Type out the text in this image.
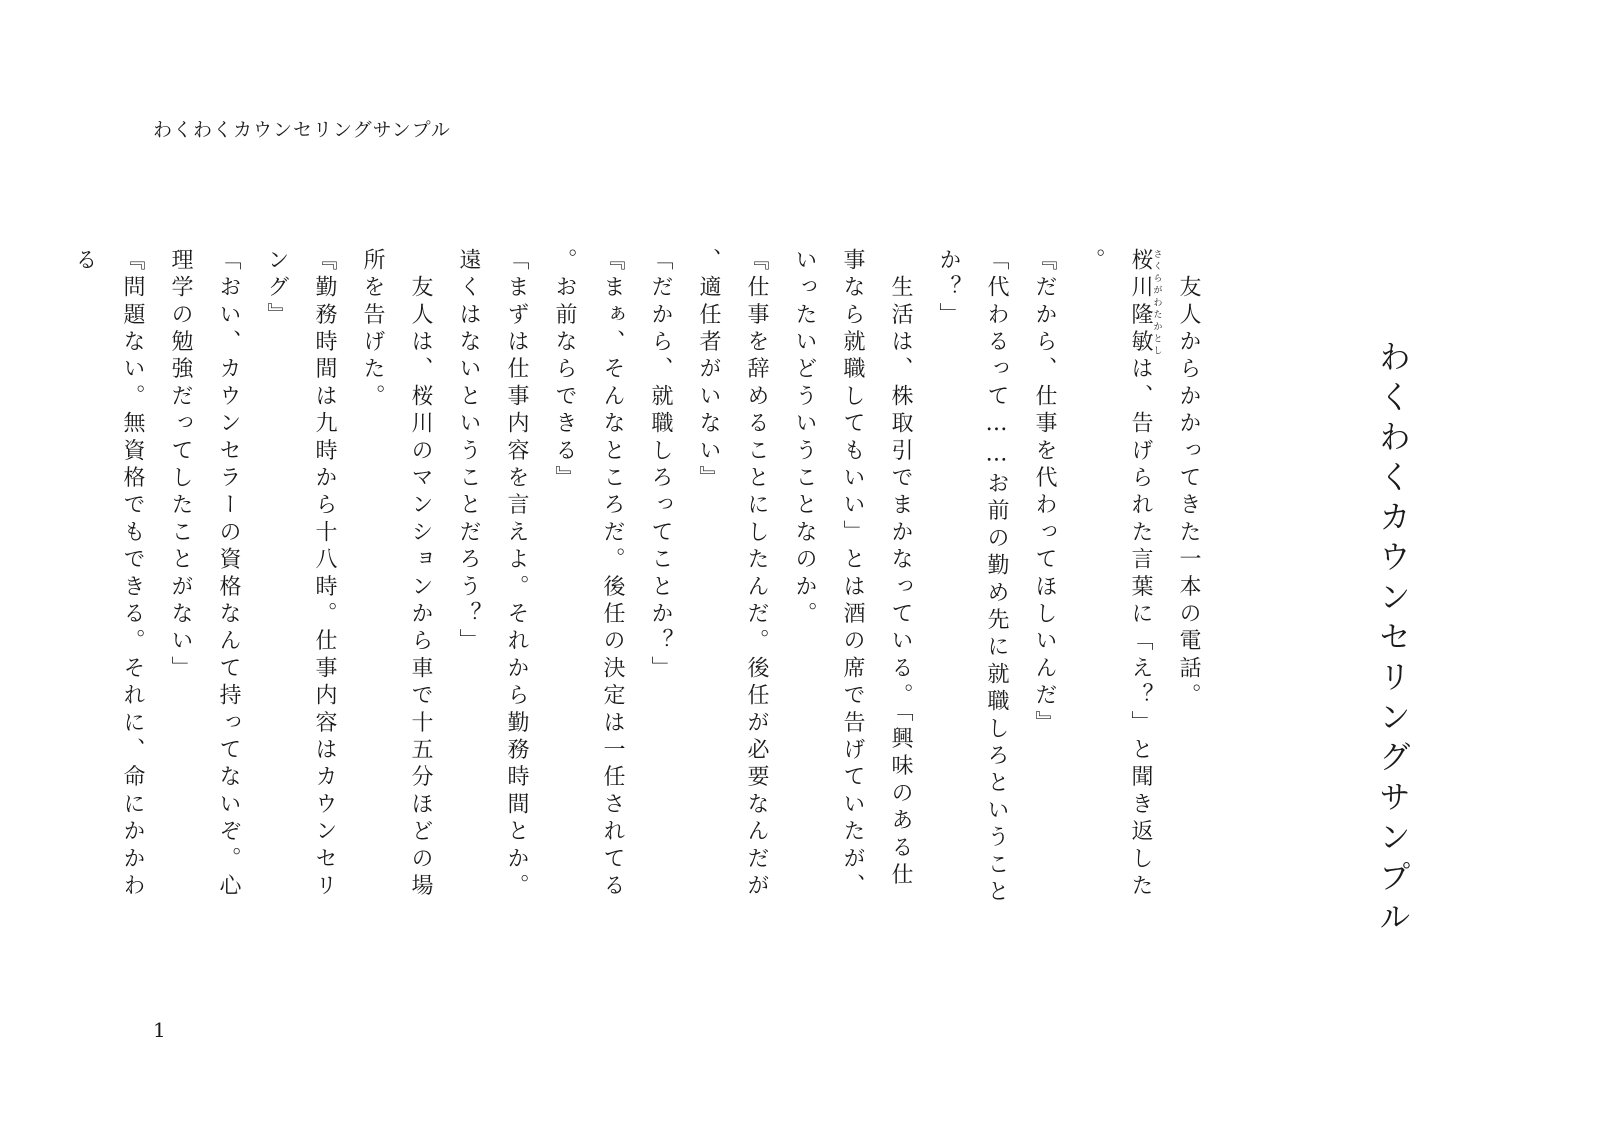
わくわくカウンセリングサンプル
わくわくカウンセリングサンプル

　友人からかかってきた一本の電話。

桜川隆敏さくらがわたかとしは、告げられた言葉に「え？」と聞き返した。

『だから、仕事を代わってほしいんだ』

「代わるって……お前の勤め先に就職しろということか？」

　生活は、株取引でまかなっている。「興味のある仕事なら就職してもいい」とは酒の席で告げていたが、いったいどういうことなのか。

『仕事を辞めることにしたんだ。後任が必要なんだが、適任者がいない』

「だから、就職しろってことか？」

『まぁ、そんなところだ。後任の決定は一任されてる。お前ならできる』

「まずは仕事内容を言えよ。それから勤務時間とか。遠くはないということだろう？」

　友人は、桜川のマンションから車で十五分ほどの場所を告げた。

『勤務時間は九時から十八時。仕事内容はカウンセリング』

「おい、カウンセラーの資格なんて持ってないぞ。心理学の勉強だってしたことがない」

『問題ない。無資格でもできる。それに、命にかかわる

1
